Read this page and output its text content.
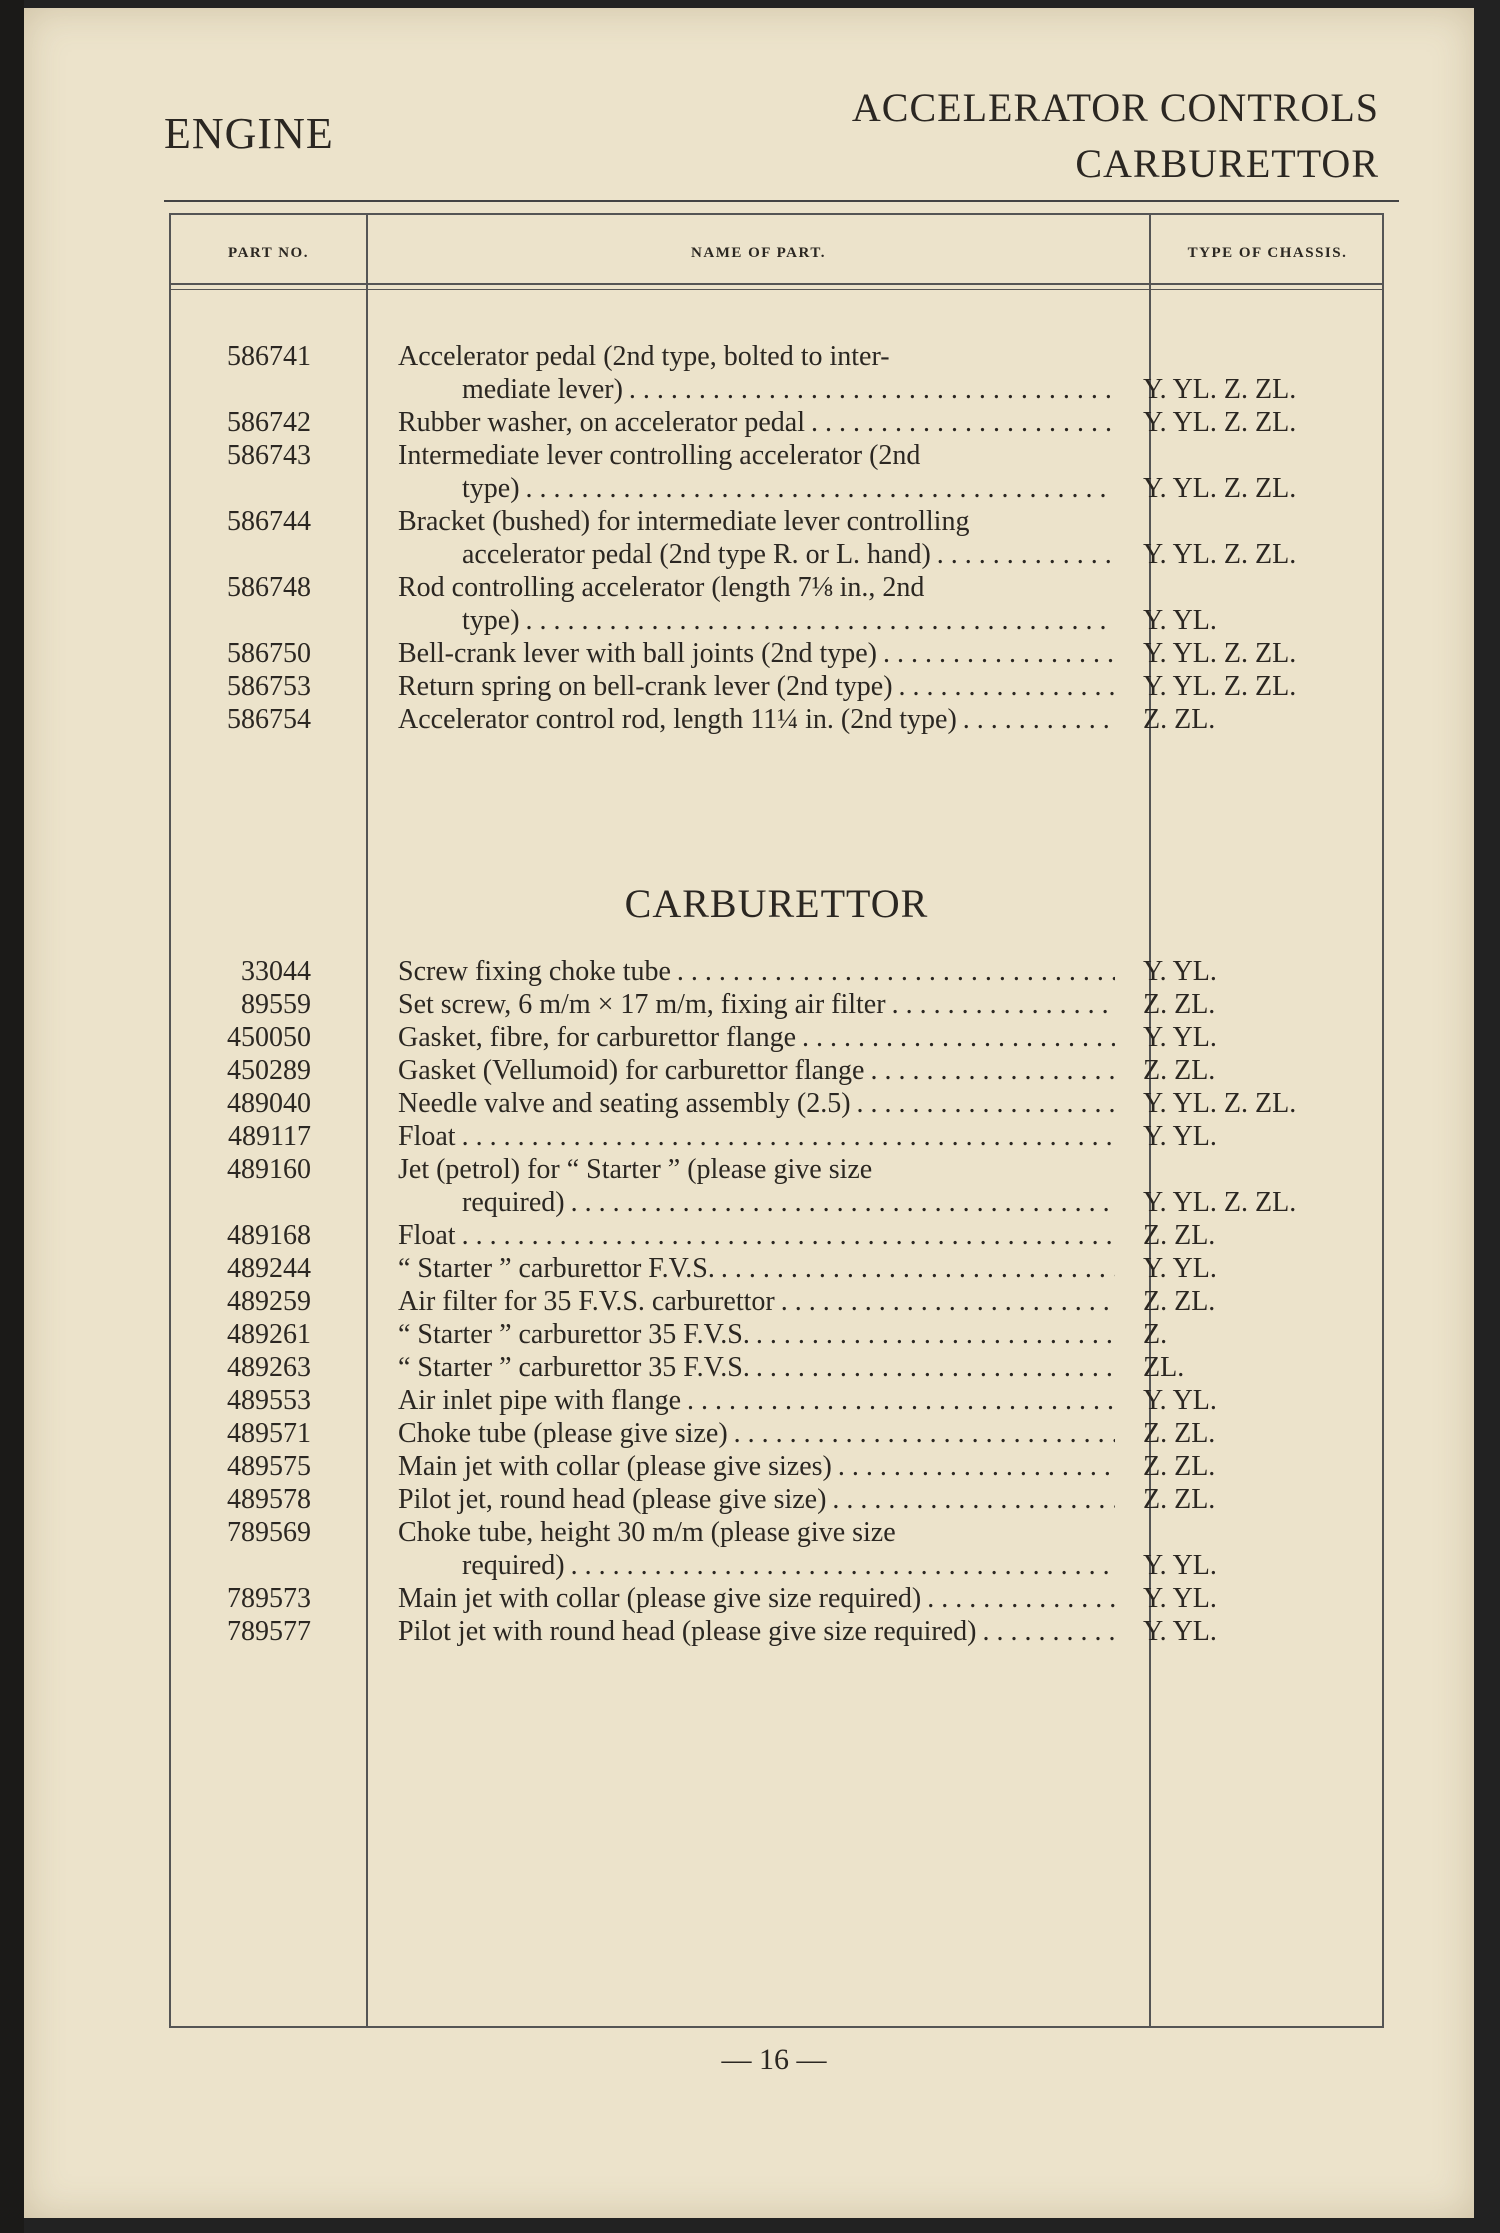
ENGINE
ACCELERATOR CONTROLS
CARBURETTOR
PART NO.	NAME OF PART.	TYPE OF CHASSIS.
586741	Accelerator pedal (2nd type, bolted to inter-
mediate lever) . . .	Y. YL. Z. ZL.
586742	Rubber washer, on accelerator pedal . . .	Y. YL. Z. ZL.
586743	Intermediate lever controlling accelerator (2nd
type) . . .	Y. YL. Z. ZL.
586744	Bracket (bushed) for intermediate lever controlling
accelerator pedal (2nd type R. or L. hand) . . .	Y. YL. Z. ZL.
586748	Rod controlling accelerator (length 7⅛ in., 2nd
type) . . .	Y. YL.
586750	Bell-crank lever with ball joints (2nd type) . . .	Y. YL. Z. ZL.
586753	Return spring on bell-crank lever (2nd type) . . .	Y. YL. Z. ZL.
586754	Accelerator control rod, length 11¼ in. (2nd type) . . .	Z. ZL.
CARBURETTOR
33044	Screw fixing choke tube . . .	Y. YL.
89559	Set screw, 6 m/m × 17 m/m, fixing air filter . . .	Z. ZL.
450050	Gasket, fibre, for carburettor flange . . .	Y. YL.
450289	Gasket (Vellumoid) for carburettor flange . . .	Z. ZL.
489040	Needle valve and seating assembly (2.5) . . .	Y. YL. Z. ZL.
489117	Float . . .	Y. YL.
489160	Jet (petrol) for “ Starter ” (please give size
required) . . .	Y. YL. Z. ZL.
489168	Float . . .	Z. ZL.
489244	“ Starter ” carburettor F.V.S. . . .	Y. YL.
489259	Air filter for 35 F.V.S. carburettor . . .	Z. ZL.
489261	“ Starter ” carburettor 35 F.V.S. . . .	Z.
489263	“ Starter ” carburettor 35 F.V.S. . . .	ZL.
489553	Air inlet pipe with flange . . .	Y. YL.
489571	Choke tube (please give size) . . .	Z. ZL.
489575	Main jet with collar (please give sizes) . . .	Z. ZL.
489578	Pilot jet, round head (please give size) . . .	Z. ZL.
789569	Choke tube, height 30 m/m (please give size
required) . . .	Y. YL.
789573	Main jet with collar (please give size required) . . .	Y. YL.
789577	Pilot jet with round head (please give size required) . . .	Y. YL.
— 16 —
